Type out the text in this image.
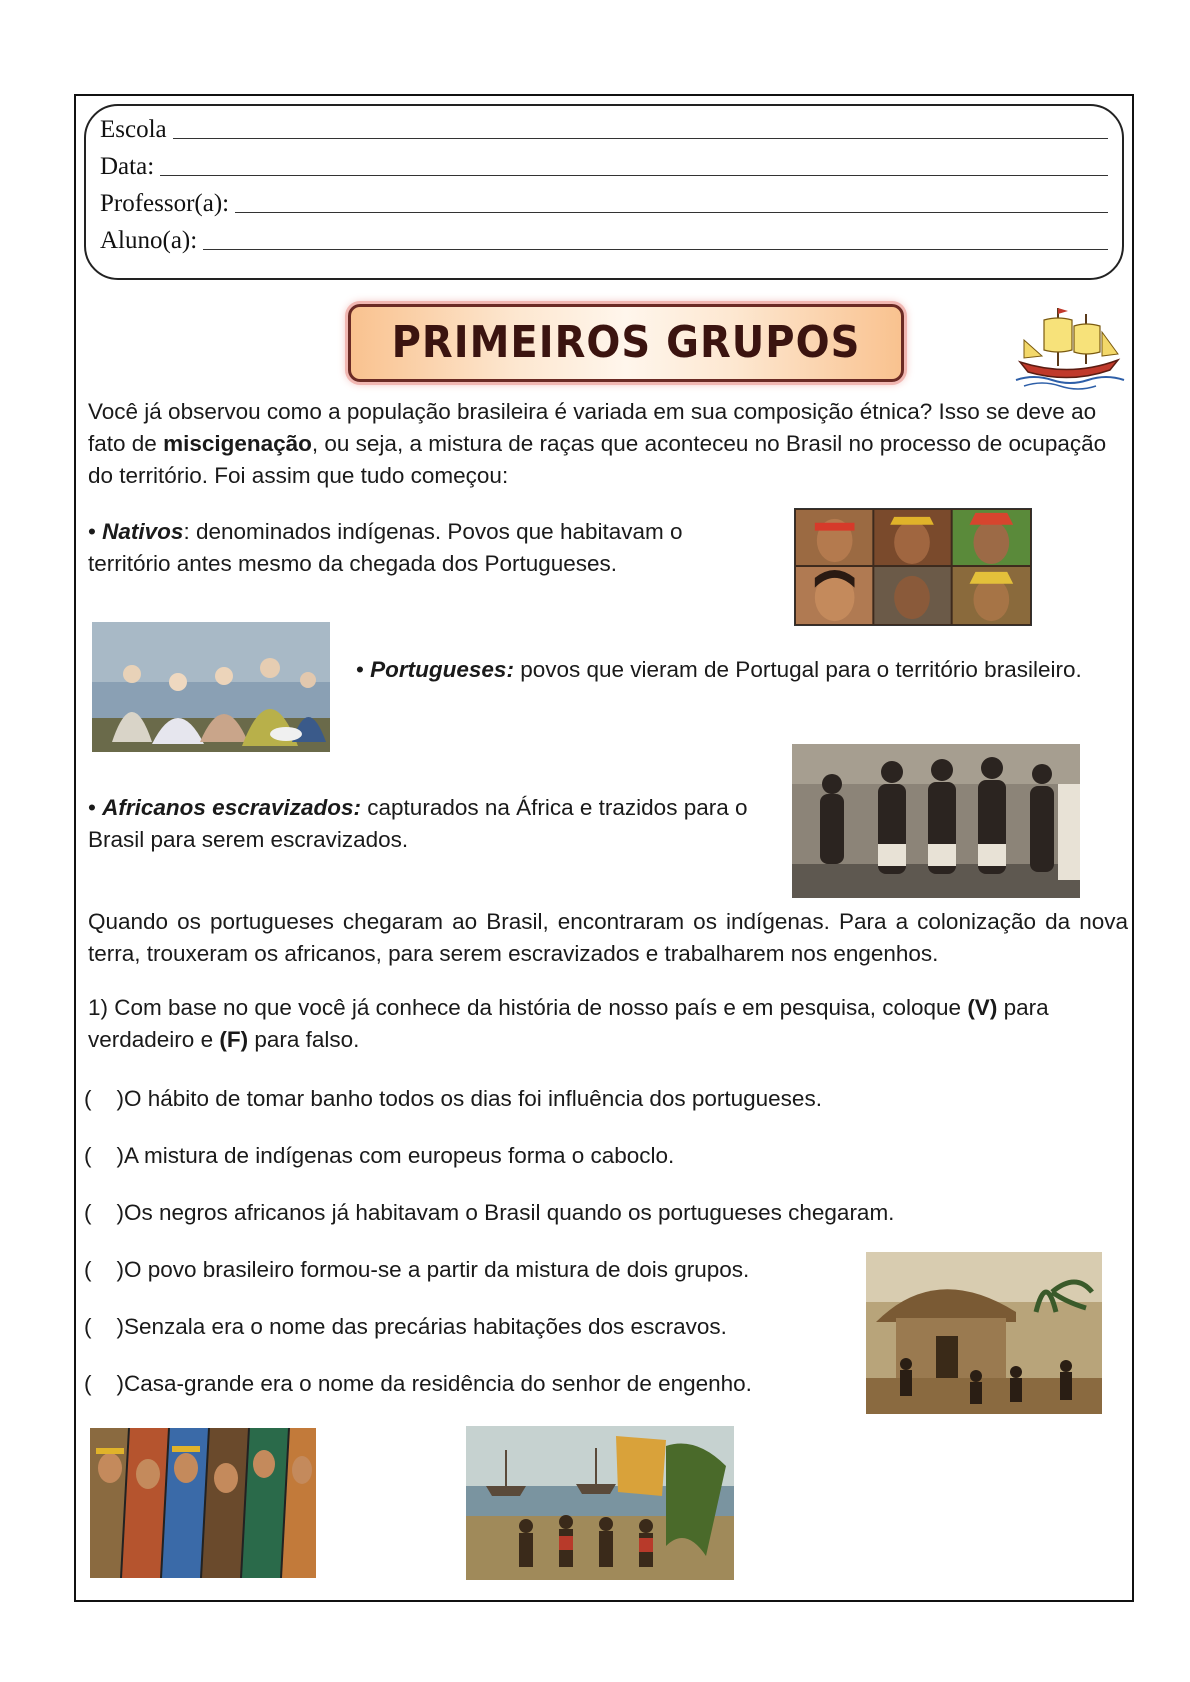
Escola
Data:
Professor(a):
Aluno(a):
PRIMEIROS GRUPOS
Você já observou como a população brasileira é variada em sua composição étnica? Isso se deve ao fato de miscigenação, ou seja, a mistura de raças que aconteceu no Brasil no processo de ocupação do território. Foi assim que tudo começou:
• Nativos: denominados indígenas. Povos que habitavam o território antes mesmo da chegada dos Portugueses.
• Portugueses: povos que vieram de Portugal para o território brasileiro.
• Africanos escravizados: capturados na África e trazidos para o Brasil para serem escravizados.
Quando os portugueses chegaram ao Brasil, encontraram os indígenas. Para a colonização da nova terra, trouxeram os africanos, para serem escravizados e trabalharem nos engenhos.
1) Com base no que você já conhece da história de nosso país e em pesquisa, coloque (V) para verdadeiro e (F) para falso.
( )O hábito de tomar banho todos os dias foi influência dos portugueses.
( )A mistura de indígenas com europeus forma o caboclo.
( )Os negros africanos já habitavam o Brasil quando os portugueses chegaram.
( )O povo brasileiro formou-se a partir da mistura de dois grupos.
( )Senzala era o nome das precárias habitações dos escravos.
( )Casa-grande era o nome da residência do senhor de engenho.
